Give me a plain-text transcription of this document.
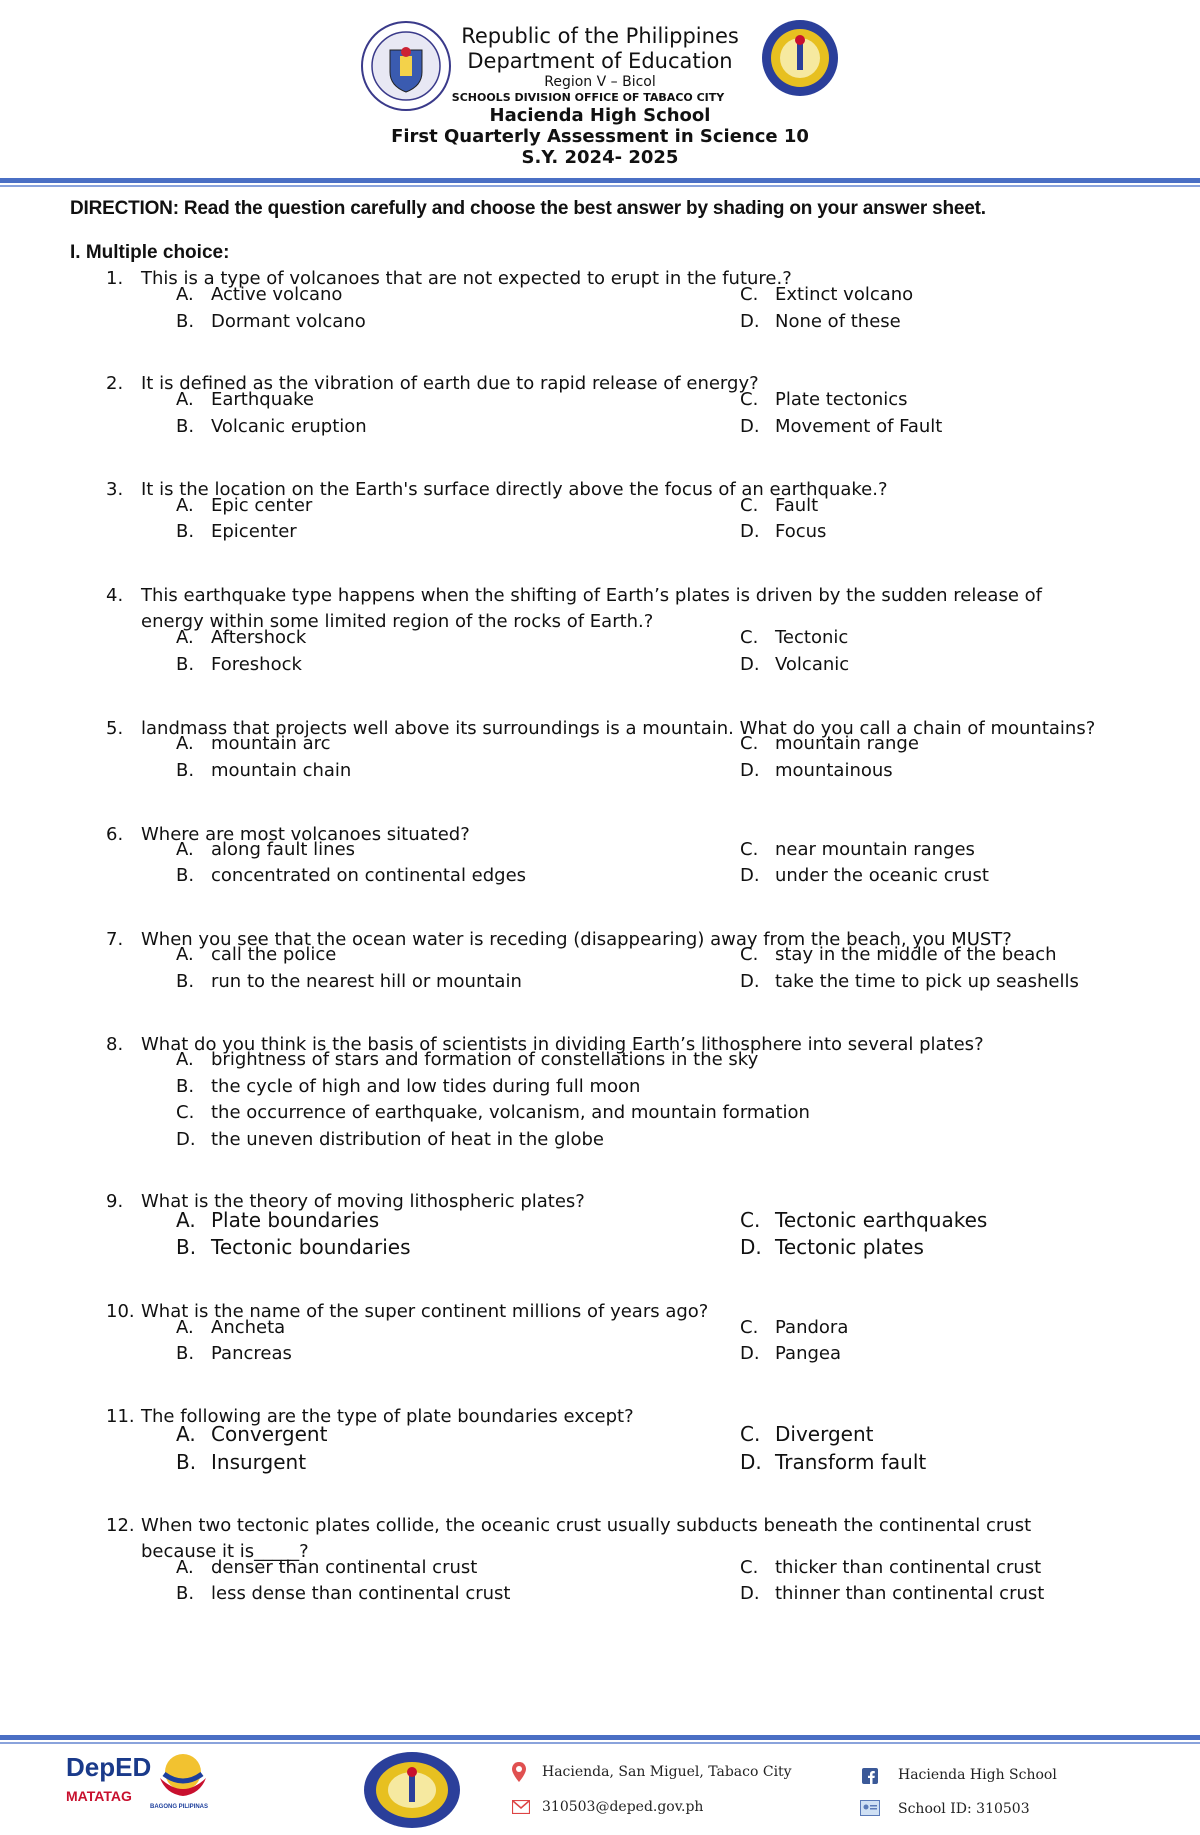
Republic of the Philippines
Department of Education
Region V – Bicol
SCHOOLS DIVISION OFFICE OF TABACO CITY
Hacienda High School
First Quarterly Assessment in Science 10
S.Y. 2024- 2025
DIRECTION: Read the question carefully and choose the best answer by shading on your answer sheet.
I. Multiple choice:
1. This is a type of volcanoes that are not expected to erupt in the future.?
A. Active volcano
B. Dormant volcano
C. Extinct volcano
D. None of these
2. It is defined as the vibration of earth due to rapid release of energy?
A. Earthquake
B. Volcanic eruption
C. Plate tectonics
D. Movement of Fault
3. It is the location on the Earth's surface directly above the focus of an earthquake.?
A. Epic center
B. Epicenter
C. Fault
D. Focus
4. This earthquake type happens when the shifting of Earth’s plates is driven by the sudden release of energy within some limited region of the rocks of Earth.?
A. Aftershock
B. Foreshock
C. Tectonic
D. Volcanic
5. landmass that projects well above its surroundings is a mountain. What do you call a chain of mountains?
A. mountain arc
B. mountain chain
C. mountain range
D. mountainous
6. Where are most volcanoes situated?
A. along fault lines
B. concentrated on continental edges
C. near mountain ranges
D. under the oceanic crust
7. When you see that the ocean water is receding (disappearing) away from the beach, you MUST?
A. call the police
B. run to the nearest hill or mountain
C. stay in the middle of the beach
D. take the time to pick up seashells
8. What do you think is the basis of scientists in dividing Earth’s lithosphere into several plates?
A. brightness of stars and formation of constellations in the sky
B. the cycle of high and low tides during full moon
C. the occurrence of earthquake, volcanism, and mountain formation
D. the uneven distribution of heat in the globe
9. What is the theory of moving lithospheric plates?
A. Plate boundaries
B. Tectonic boundaries
C. Tectonic earthquakes
D. Tectonic plates
10. What is the name of the super continent millions of years ago?
A. Ancheta
B. Pancreas
C. Pandora
D. Pangea
11. The following are the type of plate boundaries except?
A. Convergent
B. Insurgent
C. Divergent
D. Transform fault
12. When two tectonic plates collide, the oceanic crust usually subducts beneath the continental crust because it is_____?
A. denser than continental crust
B. less dense than continental crust
C. thicker than continental crust
D. thinner than continental crust
DepED
MATATAG
BAGONG PILIPINAS
Hacienda, San Miguel, Tabaco City
310503@deped.gov.ph
Hacienda High School
School ID: 310503
